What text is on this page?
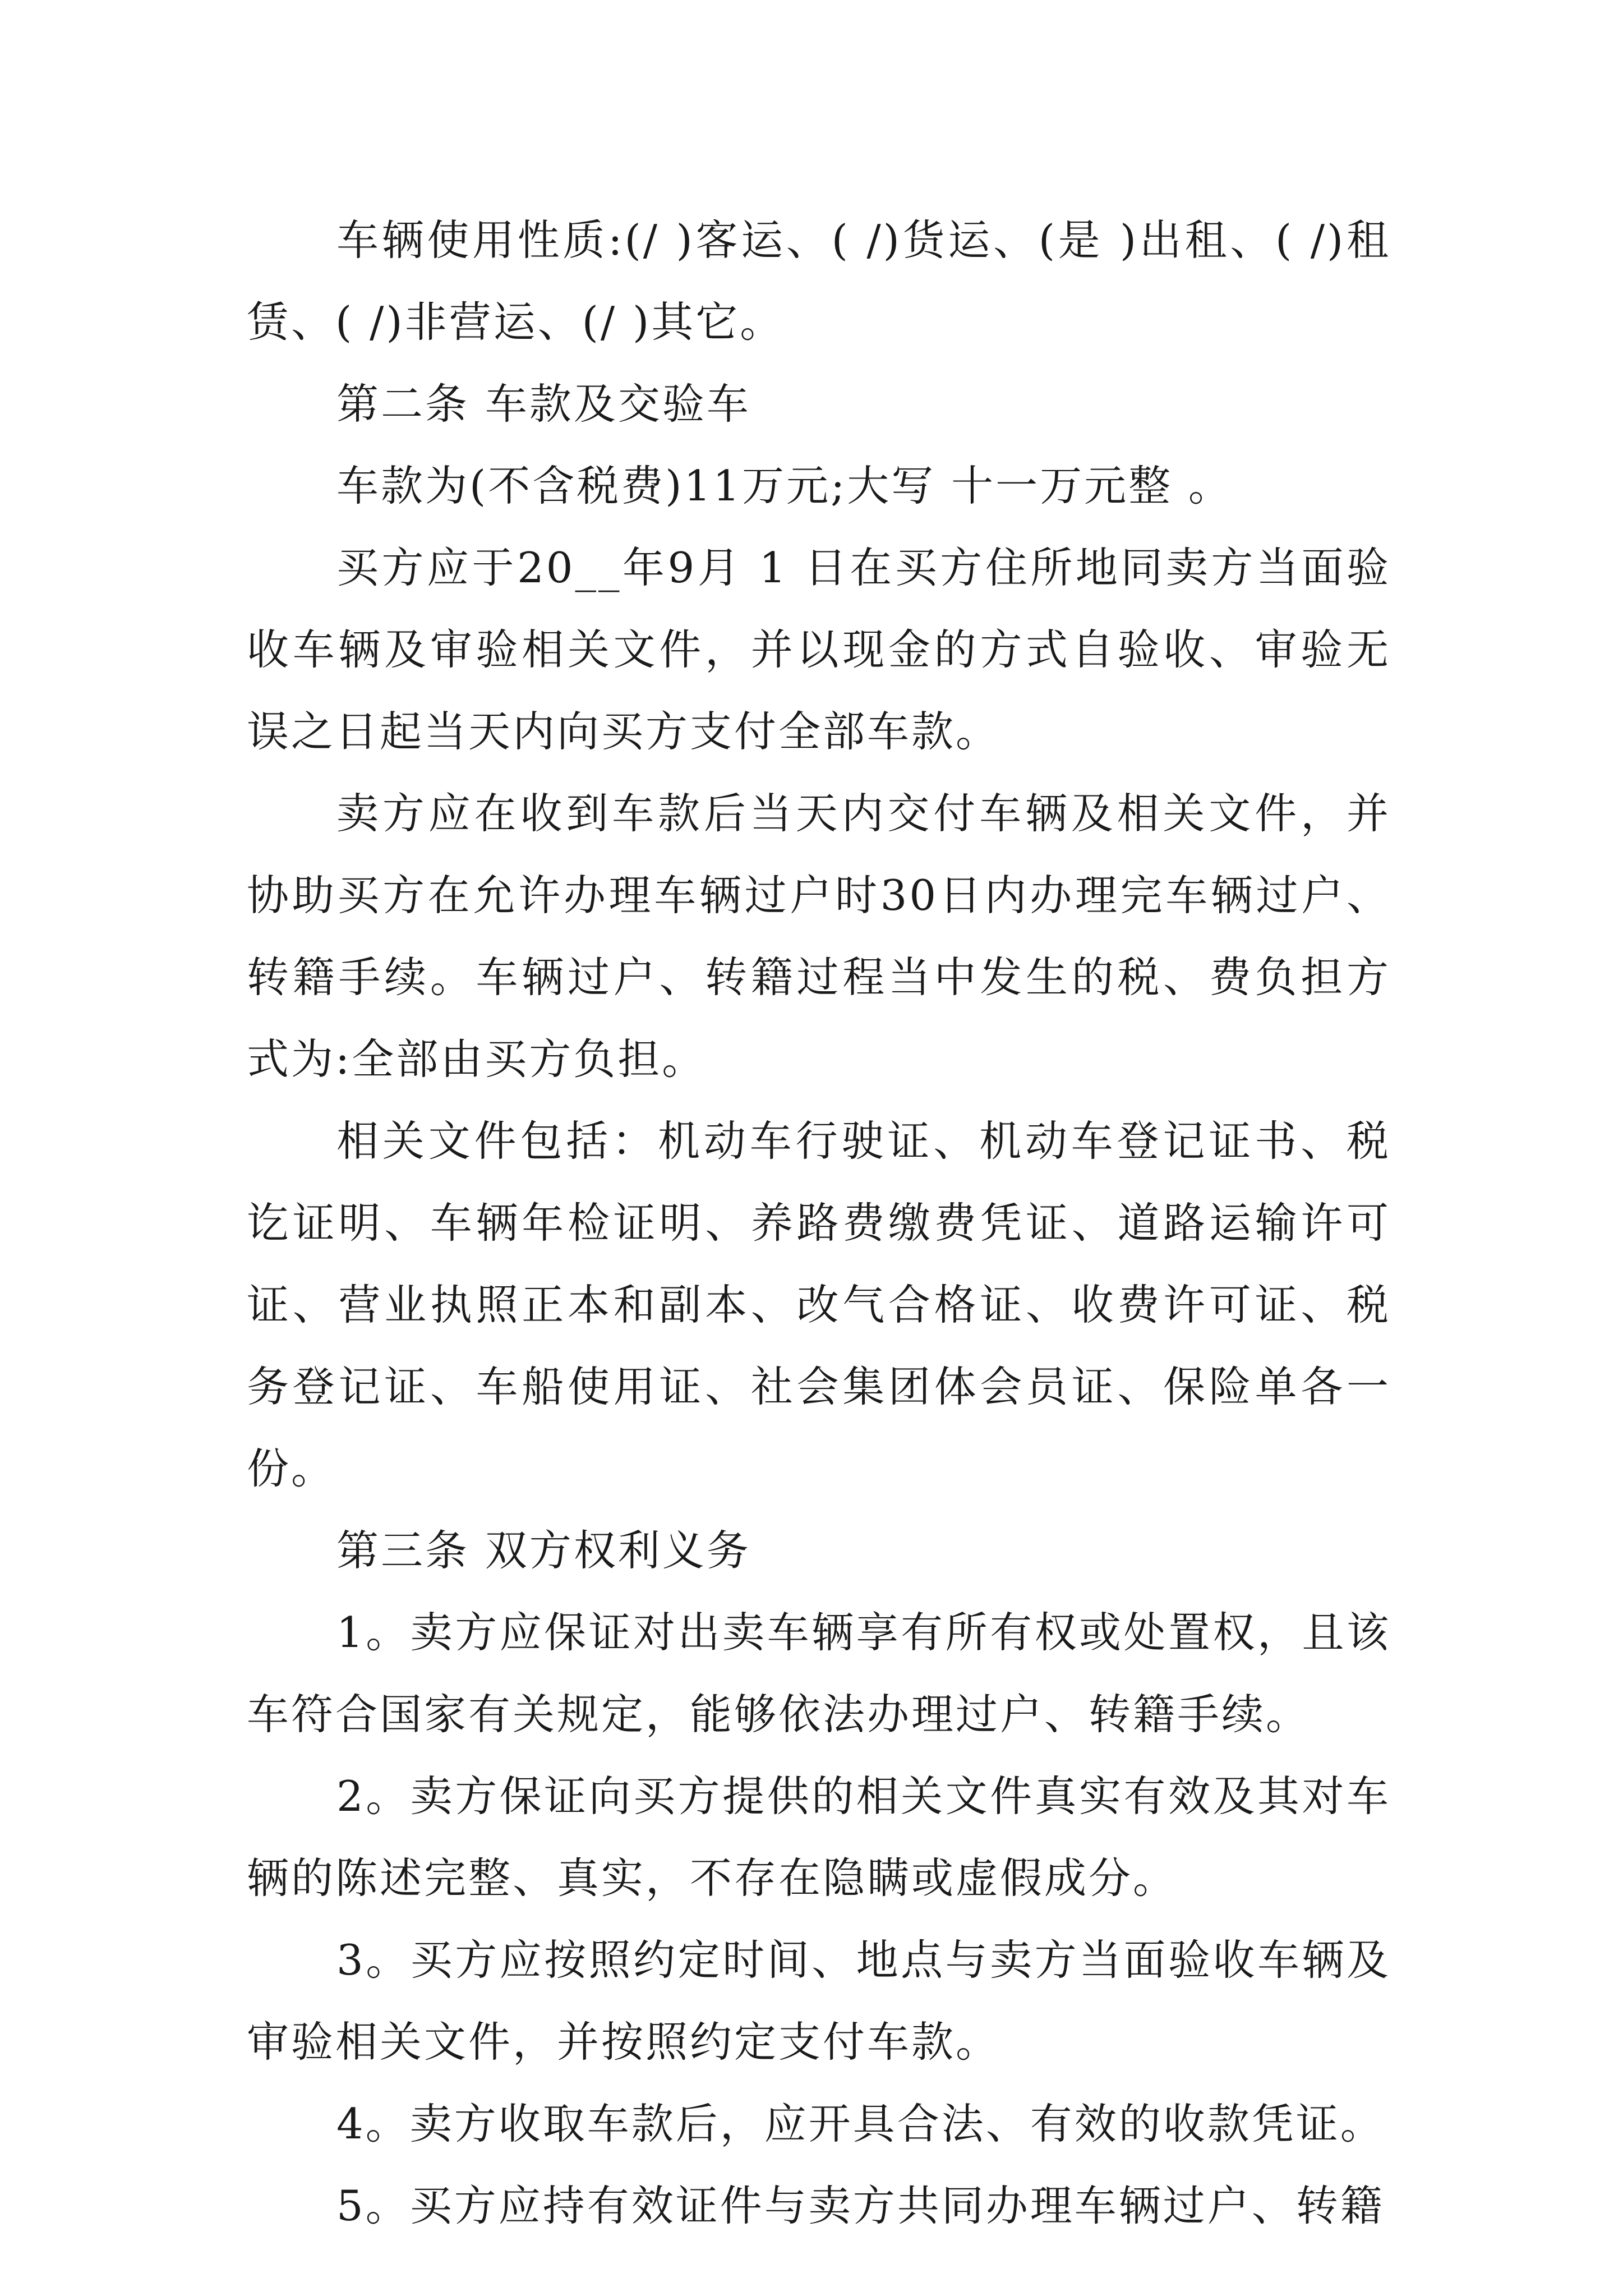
车辆使用性质:(/ )客运、( /)货运、(是 )出租、( /)租赁、( /)非营运、(/ )其它。

第二条 车款及交验车

车款为(不含税费)11万元;大写 十一万元整 。

买方应于20__年9月 1 日在买方住所地同卖方当面验收车辆及审验相关文件，并以现金的方式自验收、审验无误之日起当天内向买方支付全部车款。

卖方应在收到车款后当天内交付车辆及相关文件，并协助买方在允许办理车辆过户时30日内办理完车辆过户、转籍手续。车辆过户、转籍过程当中发生的税、费负担方式为:全部由买方负担。

相关文件包括：机动车行驶证、机动车登记证书、税讫证明、车辆年检证明、养路费缴费凭证、道路运输许可证、营业执照正本和副本、改气合格证、收费许可证、税务登记证、车船使用证、社会集团体会员证、保险单各一份。

第三条 双方权利义务

1。卖方应保证对出卖车辆享有所有权或处置权，且该车符合国家有关规定，能够依法办理过户、转籍手续。

2。卖方保证向买方提供的相关文件真实有效及其对车辆的陈述完整、真实，不存在隐瞒或虚假成分。

3。买方应按照约定时间、地点与卖方当面验收车辆及审验相关文件，并按照约定支付车款。

4。卖方收取车款后，应开具合法、有效的收款凭证。

5。买方应持有效证件与卖方共同办理车辆过户、转籍
